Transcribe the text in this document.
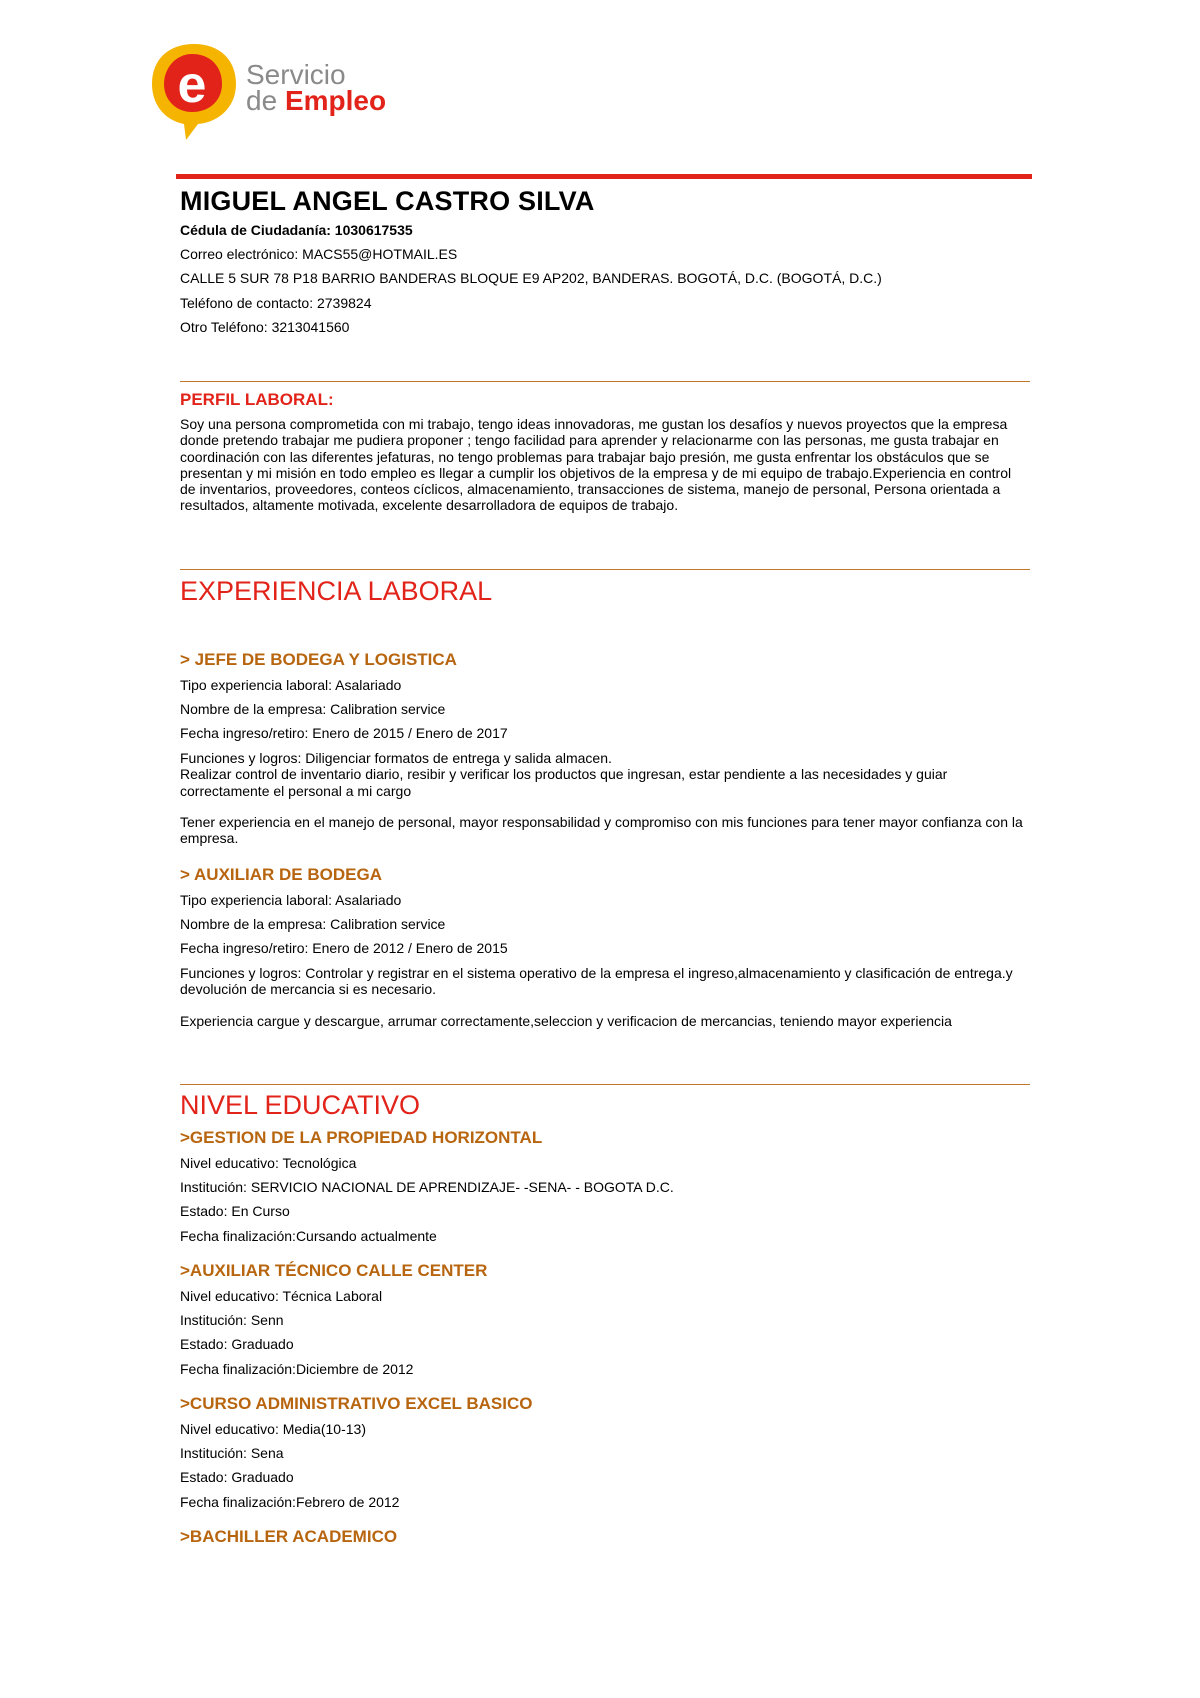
e Servicio
de Empleo
MIGUEL ANGEL CASTRO SILVA
Cédula de Ciudadanía: 1030617535
Correo electrónico: MACS55@HOTMAIL.ES
CALLE 5 SUR 78 P18 BARRIO BANDERAS BLOQUE E9 AP202, BANDERAS. BOGOTÁ, D.C. (BOGOTÁ, D.C.)
Teléfono de contacto: 2739824
Otro Teléfono: 3213041560
PERFIL LABORAL:
Soy una persona comprometida con mi trabajo, tengo ideas innovadoras, me gustan los desafíos y nuevos proyectos que la empresa donde pretendo trabajar me pudiera proponer ; tengo facilidad para aprender y relacionarme con las personas, me gusta trabajar en coordinación con las diferentes jefaturas, no tengo problemas para trabajar bajo presión, me gusta enfrentar los obstáculos que se presentan y mi misión en todo empleo es llegar a cumplir los objetivos de la empresa y de mi equipo de trabajo.Experiencia en control de inventarios, proveedores, conteos cíclicos, almacenamiento, transacciones de sistema, manejo de personal, Persona orientada a resultados, altamente motivada, excelente desarrolladora de equipos de trabajo.
EXPERIENCIA LABORAL
> JEFE DE BODEGA Y LOGISTICA
Tipo experiencia laboral: Asalariado
Nombre de la empresa: Calibration service
Fecha ingreso/retiro: Enero de 2015 / Enero de 2017
Funciones y logros: Diligenciar formatos de entrega y salida almacen.
Realizar control de inventario diario, resibir y verificar los productos que ingresan, estar pendiente a las necesidades y guiar correctamente el personal a mi cargo
Tener experiencia en el manejo de personal, mayor responsabilidad y compromiso con mis funciones para tener mayor confianza con la empresa.
> AUXILIAR DE BODEGA
Tipo experiencia laboral: Asalariado
Nombre de la empresa: Calibration service
Fecha ingreso/retiro: Enero de 2012 / Enero de 2015
Funciones y logros: Controlar y registrar en el sistema operativo de la empresa el ingreso,almacenamiento y clasificación de entrega.y devolución de mercancia si es necesario.
Experiencia cargue y descargue, arrumar correctamente,seleccion y verificacion de mercancias, teniendo mayor experiencia
NIVEL EDUCATIVO
>GESTION DE LA PROPIEDAD HORIZONTAL
Nivel educativo: Tecnológica
Institución: SERVICIO NACIONAL DE APRENDIZAJE- -SENA- - BOGOTA D.C.
Estado: En Curso
Fecha finalización:Cursando actualmente
>AUXILIAR TÉCNICO CALLE CENTER
Nivel educativo: Técnica Laboral
Institución: Senn
Estado: Graduado
Fecha finalización:Diciembre de 2012
>CURSO ADMINISTRATIVO EXCEL BASICO
Nivel educativo: Media(10-13)
Institución: Sena
Estado: Graduado
Fecha finalización:Febrero de 2012
>BACHILLER ACADEMICO
